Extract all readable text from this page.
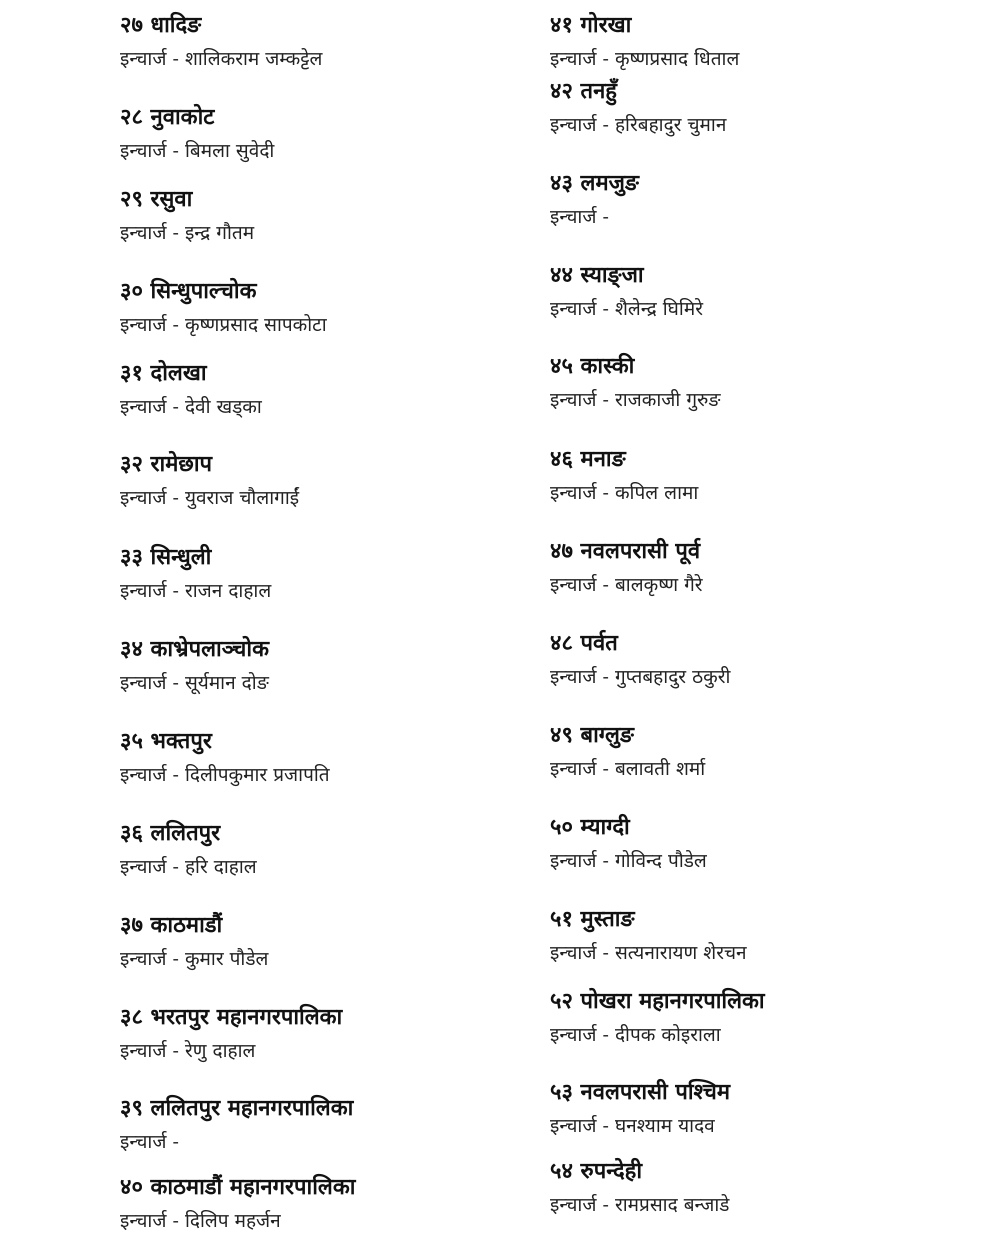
२७ धादिङ
इन्चार्ज - शालिकराम जम्कट्टेल
२८ नुवाकोट
इन्चार्ज - बिमला सुवेदी
२९ रसुवा
इन्चार्ज - इन्द्र गौतम
३० सिन्धुपाल्चोक
इन्चार्ज - कृष्णप्रसाद सापकोटा
३१ दोलखा
इन्चार्ज - देवी खड्का
३२ रामेछाप
इन्चार्ज - युवराज चौलागाईं
३३ सिन्धुली
इन्चार्ज - राजन दाहाल
३४ काभ्रेपलाञ्चोक
इन्चार्ज - सूर्यमान दोङ
३५ भक्तपुर
इन्चार्ज - दिलीपकुमार प्रजापति
३६ ललितपुर
इन्चार्ज - हरि दाहाल
३७ काठमाडौं
इन्चार्ज - कुमार पौडेल
३८ भरतपुर महानगरपालिका
इन्चार्ज - रेणु दाहाल
३९ ललितपुर महानगरपालिका
इन्चार्ज -
४० काठमाडौं महानगरपालिका
इन्चार्ज - दिलिप महर्जन
४१ गोरखा
इन्चार्ज - कृष्णप्रसाद धिताल
४२ तनहुँ
इन्चार्ज - हरिबहादुर चुमान
४३ लमजुङ
इन्चार्ज -
४४ स्याङ्जा
इन्चार्ज - शैलेन्द्र घिमिरे
४५ कास्की
इन्चार्ज - राजकाजी गुरुङ
४६ मनाङ
इन्चार्ज - कपिल लामा
४७ नवलपरासी पूर्व
इन्चार्ज - बालकृष्ण गैरे
४८ पर्वत
इन्चार्ज - गुप्तबहादुर ठकुरी
४९ बाग्लुङ
इन्चार्ज - बलावती शर्मा
५० म्याग्दी
इन्चार्ज - गोविन्द पौडेल
५१ मुस्ताङ
इन्चार्ज - सत्यनारायण शेरचन
५२ पोखरा महानगरपालिका
इन्चार्ज - दीपक कोइराला
५३ नवलपरासी पश्चिम
इन्चार्ज - घनश्याम यादव
५४ रुपन्देही
इन्चार्ज - रामप्रसाद बन्जाडे
